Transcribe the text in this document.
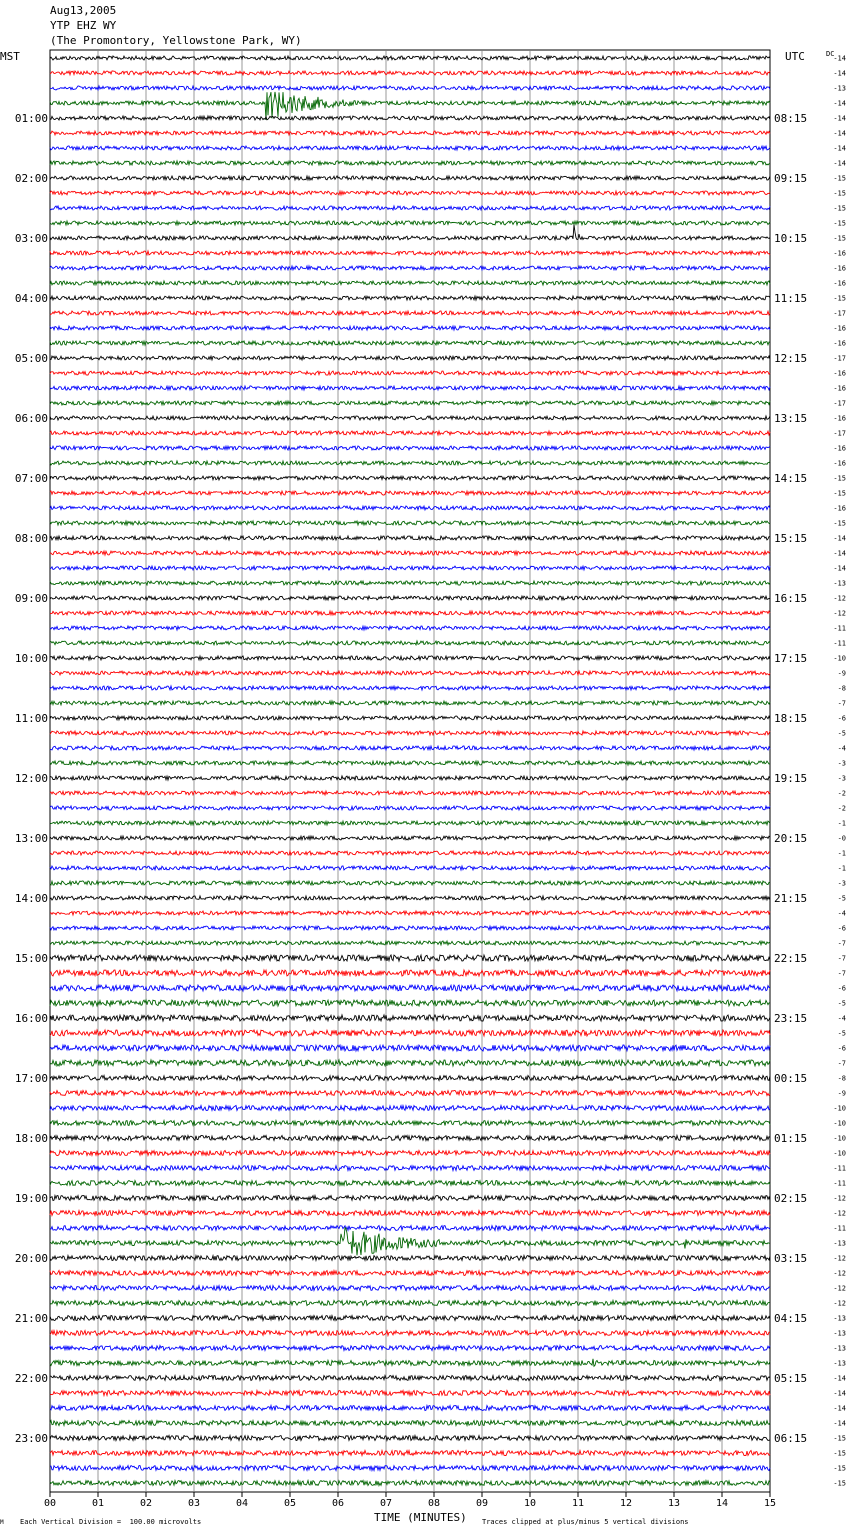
Aug13,2005
YTP EHZ WY
(The Promontory, Yellowstone Park, WY)
MST	UTC	DC
-14
-14
-13
-14
-14
-14
-14
-14
-15
-15
-15
-15
-15
-16
-16
-16
-15
-17
-16
-16
-17
-16
-16
-17
-16
-17
-16
-16
-15
-15
-16
-15
-14
-14
-14
-13
-12
-12
-11
-11
-10
-9
-8
-7
-6
-5
-4
-3
-3
-2
-2
-1
-0
-1
-1
-3
-5
-4
-6
-7
-7
-7
-6
-5
-4
-5
-6
-7
-8
-9
-10
-10
-10
-10
-11
-11
-12
-12
-11
-13
-12
-12
-12
-12
-13
-13
-13
-13
-14
-14
-14
-14
-15
-15
-15
-15
01:00
02:00
03:00
04:00
05:00
06:00
07:00
08:00
09:00
10:00
11:00
12:00
13:00
14:00
15:00
16:00
17:00
18:00
19:00
20:00
21:00
22:00
23:00
08:15
09:15
10:15
11:15
12:15
13:15
14:15
15:15
16:15
17:15
18:15
19:15
20:15
21:15
22:15
23:15
00:15
01:15
02:15
03:15
04:15
05:15
06:15
00	01	02	03	04	05	06	07	08	09	10	11	12	13	14	15
M Each Vertical Division =  100.00 microvolts	TIME (MINUTES) Traces clipped at plus/minus 5 vertical divisions
